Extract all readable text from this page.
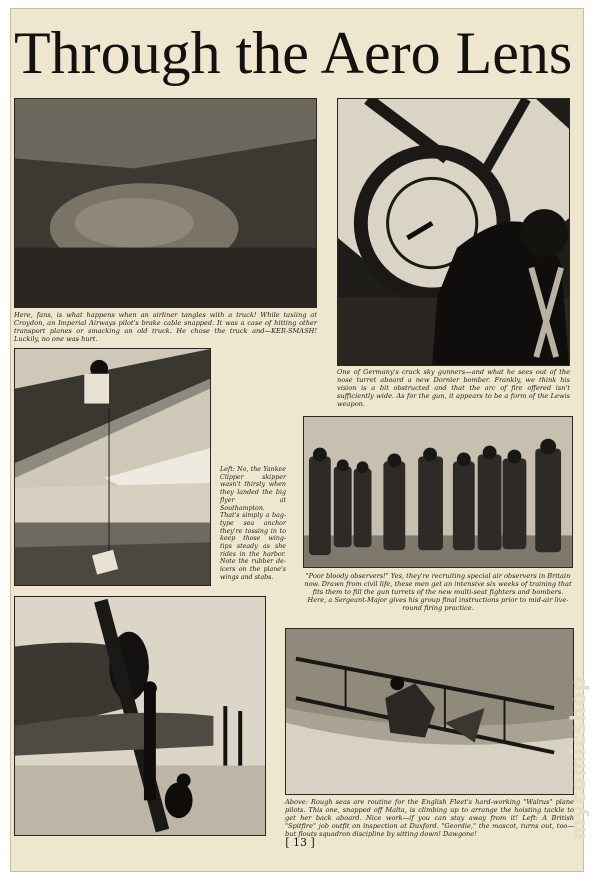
Through the Aero Lens
Here, fans, is what happens when an airliner tangles with a truck! While taxiing at Croydon, an Imperial Airways pilot's brake cable snapped. It was a case of hitting other transport planes or smacking an old truck. He chose the truck and—KER-SMASH! Luckily, no one was hurt.
One of Germany's crack sky gunners—and what he sees out of the nose turret aboard a new Dornier bomber. Frankly, we think his vision is a bit obstructed and that the arc of fire offered isn't sufficiently wide. As for the gun, it appears to be a form of the Lewis weapon.
Left: No, the Yankee Clipper skipper wasn't thirsty when they landed the big flyer at Southampton. That's simply a bag-type sea anchor they're tossing in to keep those wing-tips steady as she rides in the harbor. Note the rubber de-icers on the plane's wings and stabs.	"Poor bloody observers!" Yes, they're recruiting special air observers in Britain now. Drawn from civil life, these men get an intensive six weeks of training that fits them to fill the gun turrets of the new multi-seat fighters and bombers. Here, a Sergeant-Major gives his group final instructions prior to mid-air live-round firing practice.
Above: Rough seas are routine for the English Fleet's hard-working "Walrus" plane pilots. This one, snapped off Malta, is climbing up to arrange the hoisting tackle to get her back aboard. Nice work—if you can stay away from it! Left: A British "Spitfire" job outfit on inspection at Duxford. "Geordie," the mascot, turns out, too—but flouts squadron discipline by sitting down! Dawgone!
[ 13 ]
mycomicshop
